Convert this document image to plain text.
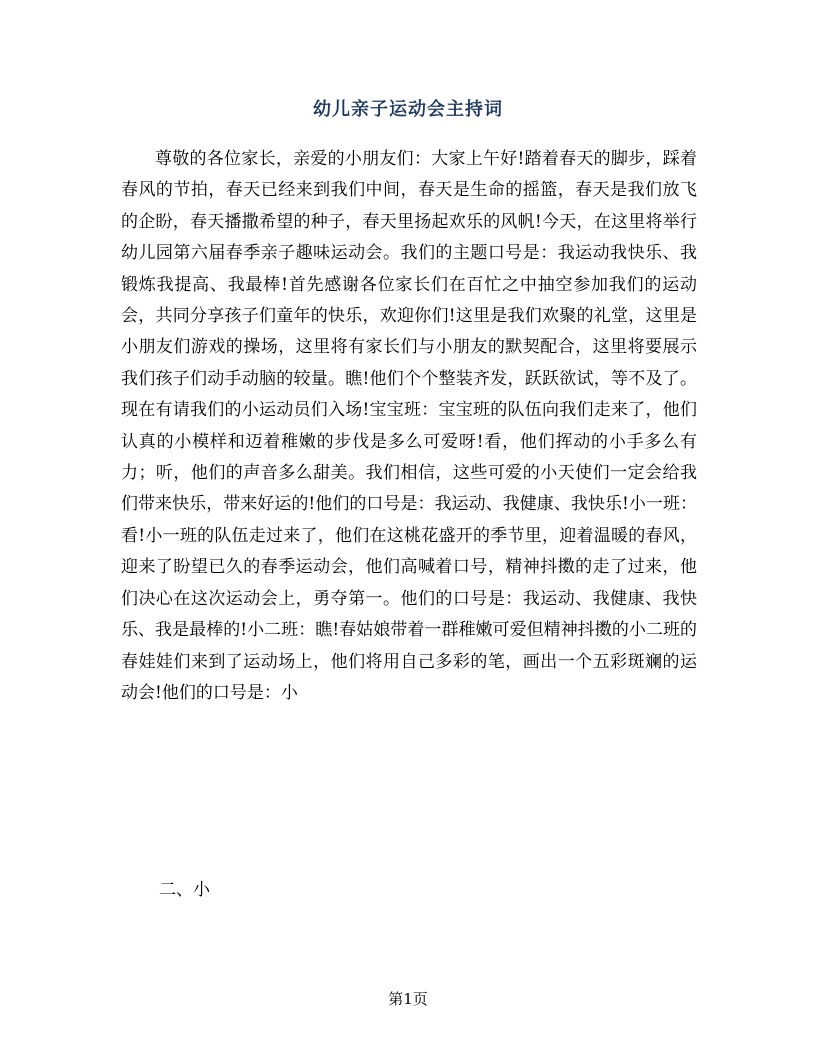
幼儿亲子运动会主持词

尊敬的各位家长，亲爱的小朋友们：大家上午好!踏着春天的脚步，踩着春风的节拍，春天已经来到我们中间，春天是生命的摇篮，春天是我们放飞的企盼，春天播撒希望的种子，春天里扬起欢乐的风帆!今天，在这里将举行幼儿园第六届春季亲子趣味运动会。我们的主题口号是：我运动我快乐、我锻炼我提高、我最棒!首先感谢各位家长们在百忙之中抽空参加我们的运动会，共同分享孩子们童年的快乐，欢迎你们!这里是我们欢聚的礼堂，这里是小朋友们游戏的操场，这里将有家长们与小朋友的默契配合，这里将要展示我们孩子们动手动脑的较量。瞧!他们个个整装齐发，跃跃欲试，等不及了。现在有请我们的小运动员们入场!宝宝班：宝宝班的队伍向我们走来了，他们认真的小模样和迈着稚嫩的步伐是多么可爱呀!看，他们挥动的小手多么有力；听，他们的声音多么甜美。我们相信，这些可爱的小天使们一定会给我们带来快乐，带来好运的!他们的口号是：我运动、我健康、我快乐!小一班：看!小一班的队伍走过来了，他们在这桃花盛开的季节里，迎着温暖的春风，迎来了盼望已久的春季运动会，他们高喊着口号，精神抖擞的走了过来，他们决心在这次运动会上，勇夺第一。他们的口号是：我运动、我健康、我快乐、我是最棒的!小二班：瞧!春姑娘带着一群稚嫩可爱但精神抖擞的小二班的春娃娃们来到了运动场上，他们将用自己多彩的笔，画出一个五彩斑斓的运动会!他们的口号是：小

二、小

第1页
